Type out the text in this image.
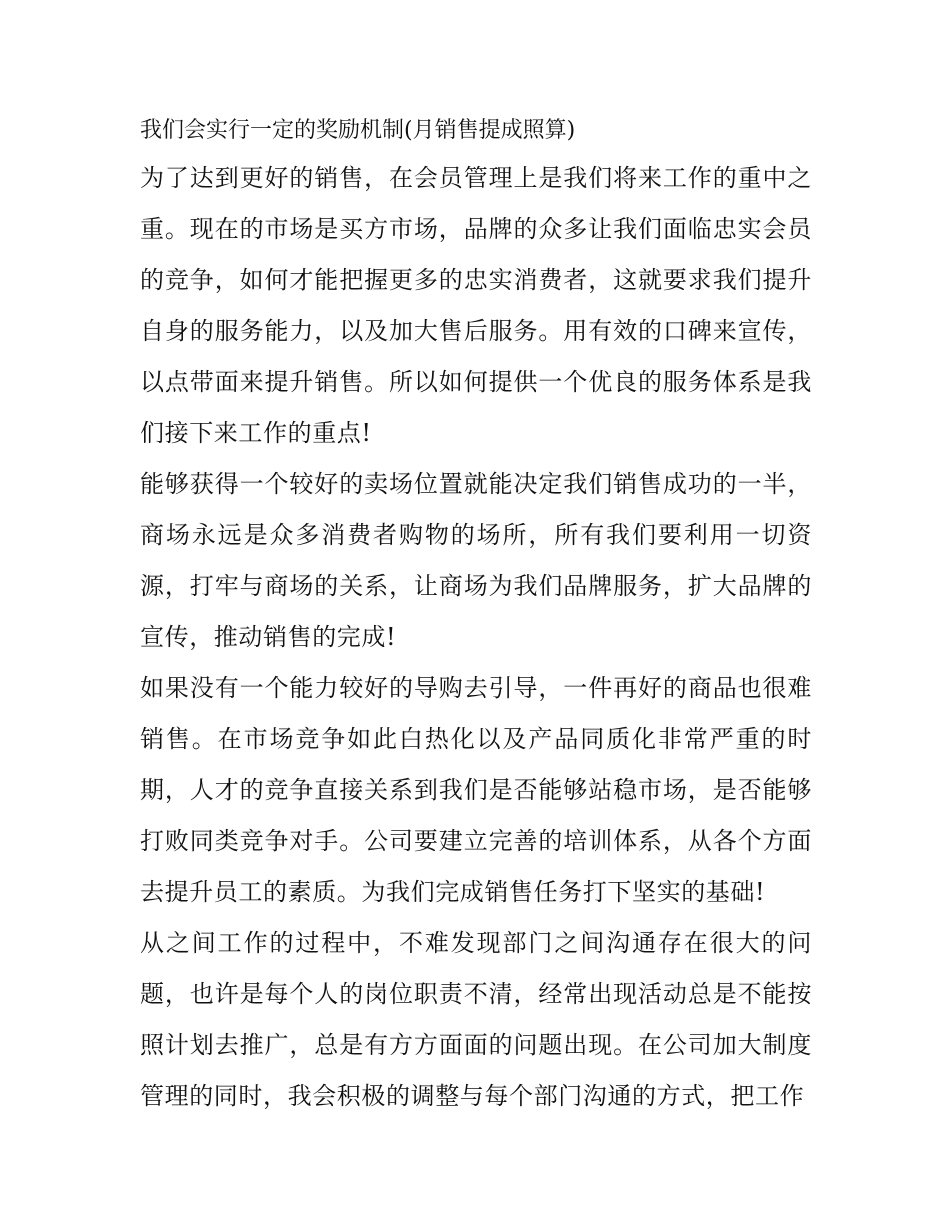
我们会实行一定的奖励机制(月销售提成照算)

为了达到更好的销售，在会员管理上是我们将来工作的重中之重。现在的市场是买方市场，品牌的众多让我们面临忠实会员的竞争，如何才能把握更多的忠实消费者，这就要求我们提升自身的服务能力，以及加大售后服务。用有效的口碑来宣传，以点带面来提升销售。所以如何提供一个优良的服务体系是我们接下来工作的重点!

能够获得一个较好的卖场位置就能决定我们销售成功的一半，商场永远是众多消费者购物的场所，所有我们要利用一切资源，打牢与商场的关系，让商场为我们品牌服务，扩大品牌的宣传，推动销售的完成!

如果没有一个能力较好的导购去引导，一件再好的商品也很难销售。在市场竞争如此白热化以及产品同质化非常严重的时期，人才的竞争直接关系到我们是否能够站稳市场，是否能够打败同类竞争对手。公司要建立完善的培训体系，从各个方面去提升员工的素质。为我们完成销售任务打下坚实的基础!

从之间工作的过程中，不难发现部门之间沟通存在很大的问题，也许是每个人的岗位职责不清，经常出现活动总是不能按照计划去推广，总是有方方面面的问题出现。在公司加大制度管理的同时，我会积极的调整与每个部门沟通的方式，把工作
